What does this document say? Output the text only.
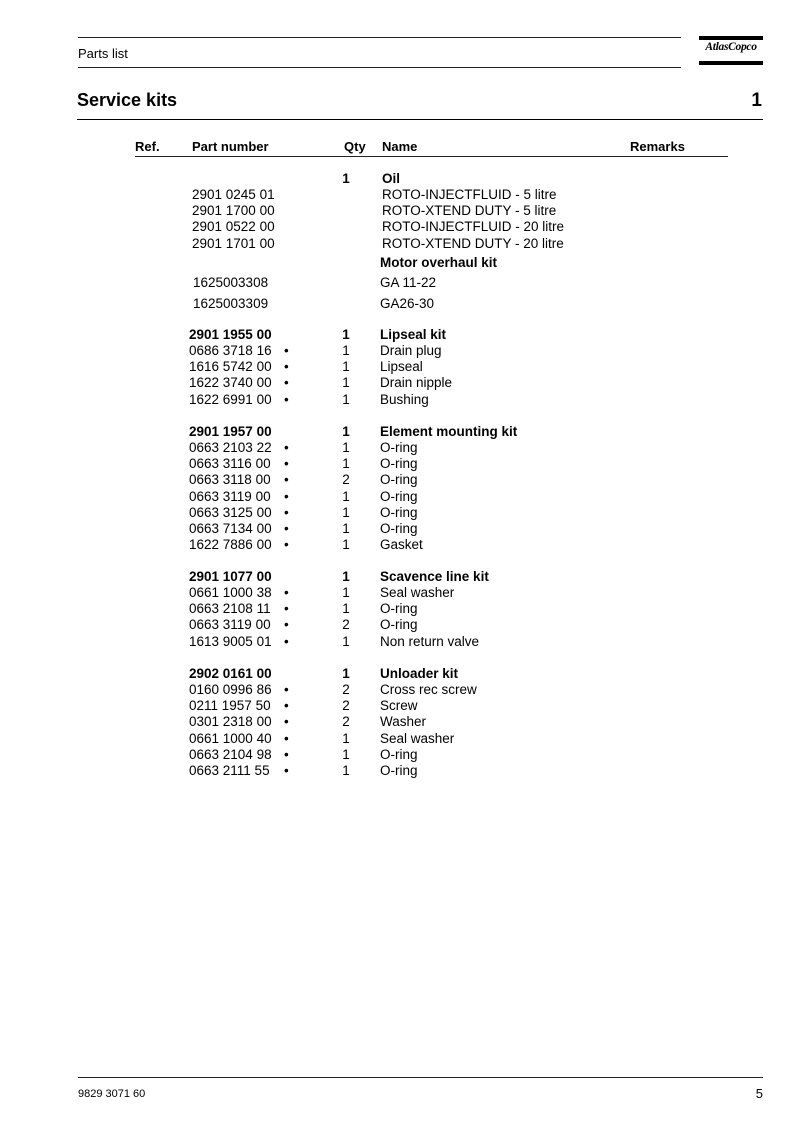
Parts list	AtlasCopco
Service kits	1
Ref. Part number	Qty Name	Remarks
1 Oil
2901 0245 01	ROTO-INJECTFLUID - 5 litre
2901 1700 00	ROTO-XTEND DUTY - 5 litre
2901 0522 00	ROTO-INJECTFLUID - 20 litre
2901 1701 00	ROTO-XTEND DUTY - 20 litre
Motor overhaul kit
1625003308	GA 11-22
1625003309	GA26-30
2901 1955 00	1 Lipseal kit
0686 3718 16 •	1 Drain plug
1616 5742 00 •	1 Lipseal
1622 3740 00 •	1 Drain nipple
1622 6991 00 •	1 Bushing
2901 1957 00	1 Element mounting kit
0663 2103 22 •	1 O-ring
0663 3116 00 •	1 O-ring
0663 3118 00 •	2 O-ring
0663 3119 00 •	1 O-ring
0663 3125 00 •	1 O-ring
0663 7134 00 •	1 O-ring
1622 7886 00 •	1 Gasket
2901 1077 00	1 Scavence line kit
0661 1000 38 •	1 Seal washer
0663 2108 11 •	1 O-ring
0663 3119 00 •	2 O-ring
1613 9005 01 •	1 Non return valve
2902 0161 00	1 Unloader kit
0160 0996 86 •	2 Cross rec screw
0211 1957 50 •	2 Screw
0301 2318 00 •	2 Washer
0661 1000 40 •	1 Seal washer
0663 2104 98 •	1 O-ring
0663 2111 55 •	1 O-ring
9829 3071 60	5
